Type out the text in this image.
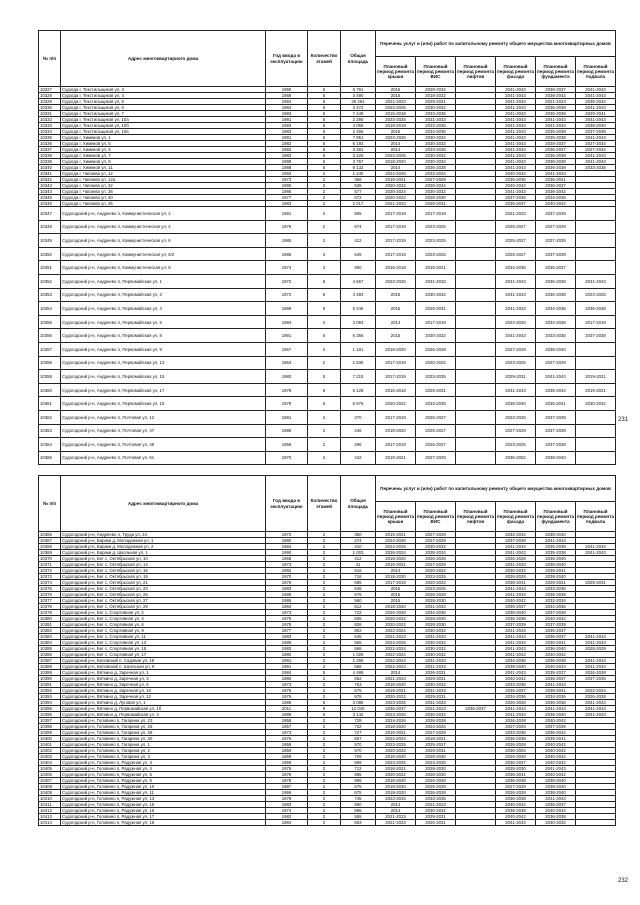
№ п/п	Адрес многоквартирного дома	Год ввода в эксплуатацию	Количество этажей	Общая площадь	Перечень услуг и (или) работ по капитальному ремонту общего имущества многоквартирных домов					
					Плановый период ремонта крыши	Плановый период ремонта ВИС	Плановый период ремонта лифтов	Плановый период ремонта фасада	Плановый период ремонта фундамента	Плановый период ремонта подвала
10327	Судогда г, Текстильщиков ул, 3	1990	5	5 791	2016	2028-2032		2041-2043	2038-2037	2041-2043
10328	Судогда г, Текстильщиков ул, 4	1988	5	3 490	2015	2018-2022		2041-2043	2038-2042	2041-2043
10329	Судогда г, Текстильщиков ул, 5	1984	5	26 261	2021-2023	2029-2031		2041-2043	2021-2023	2035-2042
10330	Судогда г, Текстильщиков ул, 6	1984	5	3 472	2023-2025	2030-2032		2041-2043	2036-2038	2041-2043
10331	Судогда г, Текстильщиков ул, 7	1983	5	7 449	2015-2018	2033-2035		2041-2043	2035-2038	2029-2041
10332	Судогда г, Текстильщиков ул, 10а	1991	5	2 290	2023-2025	2031-2033		2041-2043	2041-2043	2041-2043
10333	Судогда г, Текстильщиков ул, 10б	1993	5	4 055	2018-2019	2033-2035		2041-2043	2041-2043	2038-2040
10334	Судогда г, Текстильщиков ул, 10в	1983	5	2 456	2015	2034-2036		2041-2043	2035-2038	2037-2039
10335	Судогда г, Химиков ул, 1	1981	5	7 851	2023-2025	2030-2032		2041-2043	2035-2038	2041-2043
10336	Судогда г, Химиков ул, 5	1982	5	6 192	2014	2030-2032		2041-2043	2028-2037	2027-2034
10337	Судогда г, Химиков ул, 6	1983	5	3 381	2014	2033-2035		2041-2043	2036-2037	2027-2034
10338	Судогда г, Химиков ул, 7	1983	5	3 126	2023-2025	2030-2032		2041-2043	2036-2038	2041-2043
10339	Судогда г, Химиков ул, 9	1988	5	3 767	2018-2020	2030-2032		2041-2043	2038-2038	2041-2043
10340	Судогда г, Химиков ул, 11	1988	5	6 132	2014	2026-2028		2041-2043	2036-2038	2033-2035
10341	Судогда г, Чапаева ул, 12	1992	2	1 240	2024-2026	2032-2034		2040-2042	2041-2043	
10342	Судогда г, Чапаева ул, 12а	1973	2	366	2019-2021	2027-2029		2035-2036	2036-2041	
10343	Судогда г, Чапаева ул, 32	1980	2	635	2020-2022	2028-2034		2040-2042	2036-2037	
10344	Судогда г, Чапаева ул, 36	1986	2	577	2020-2024	2030-2032		2041-2043	2036-2042	
10345	Судогда г, Чапаева ул, 40	1977	2	672	2020-2022	2028-2030		2037-2036	2034-2036	
10346	Судогда г, Чапаева ул, 45	1983	2	2 017	2021-2023	2029-2031		2035-2037	2040-2042	
10347	Судогодский р-н, Андреево п, Коммунистическая ул, 2	1981	2	505	2017-2019	2017-2019		2021-2023	2037-2039	
10348	Судогодский р-н, Андреево п, Коммунистическая ул, 4	1976	2	674	2017-2019	2023-2025		2025-2027	2027-2029	
10349	Судогодский р-н, Андреево п, Коммунистическая ул, 6	1985	2	412	2017-2019	2023-2025		2025-2027	2037-2039	
10350	Судогодский р-н, Андреево п, Коммунистическая ул, 6/2	1985	3	649	2017-2019	2023-2025		2025-2027	2037-2039	
10351	Судогодский р-н, Андреево п, Коммунистическая ул, 8	1974	3	900	2016-2018	2019-2021		2034-2036	2035-2037	
10352	Судогодский р-н, Андреево п, Первомайская ул, 1	1972	5	4 667	2023-2025	2031-2033		2041-2043	2036-2038	2041-2043
10353	Судогодский р-н, Андреево п, Первомайская ул, 3	1972	5	4 484	2015	2030-2032		2041-2043	2036-2038	2023-2025
10354	Судогодский р-н, Андреево п, Первомайская ул, 4	1989	5	6 246	2015	2029-2031		2041-2043	2034-2036	2036-2038
10355	Судогодский р-н, Андреево п, Первомайская ул, 5	1984	4	3 093	2014	2017-2019		2024-2026	2034-2036	2017-2019
10356	Судогодский р-н, Андреево п, Первомайская ул, 8	1991	5	6 356	2015	2030-2032		2041-2043	2033-2035	2037-2039
10357	Судогодский р-н, Андреево п, Первомайская ул, 9	1967	2	1 181	2018-2020	2026-2028		2027-2029	2038-2040	
10358	Судогодский р-н, Андреево п, Первомайская ул, 13	1963	2	1 536	2017-2019	2020-2022		2023-2025	2027-2029	
10359	Судогодский р-н, Андреево п, Первомайская ул, 15	1980	5	7 215	2017-2019	2033-2035		2029-2031	2041-2043	2019-2021
10360	Судогодский р-н, Андреево п, Первомайская ул, 17	1978	5	6 128	2016-2018	2029-2031		2041-2043	2035-2034	2019-2021
10361	Судогодский р-н, Андреево п, Первомайская ул, 19	1978	5	6 976	2020-2022	2033-2035		2038-2040	2035-2041	2030-2032
10362	Судогодский р-н, Андреево п, Почтовая ул, 12	1981	2	270	2017-2019	2025-2027		2023-2025	2037-2039	
10363	Судогодский р-н, Андреево п, Почтовая ул, 47	1988	2	446	2018-2020	2025-2027		2027-2029	2037-2039	
10364	Судогодский р-н, Андреево п, Почтовая ул, 49	1966	2	296	2017-2019	2025-2027		2023-2025	2037-2039	
10365	Судогодский р-н, Андреево п, Почтовая ул, 51	1970	2	442	2019-2021	2027-2029		2036-2002	2038-2040	
231
№ п/п	Адрес многоквартирного дома	Год ввода в эксплуатацию	Количество этажей	Общая площадь	Перечень услуг и (или) работ по капитальному ремонту общего имущества многоквартирных домов					
					Плановый период ремонта крыши	Плановый период ремонта ВИС	Плановый период ремонта лифтов	Плановый период ремонта фасада	Плановый период ремонта фундамента	Плановый период ремонта подвала
10366	Судогодский р-н, Андреево п, Труда ул, 24	1972	2	350	2019-2021	2027-2029		2032-2034	2038-2040	
10367	Судогодский р-н, Бараки д, Молодежная ул, 1	1980	2	274	2024-2026	2027-2029		2037-2039	2041-2043	
10368	Судогодский р-н, Бараки д, Молодежная ул, 2	1984	2	410	2024-2026	2030-2032		2041-2043	2036-2038	2041-2043
10369	Судогодский р-н, Бараки д, Школьная ул, 1	1990	2	1 003	2026-2024	2028-2034		2041-2043	2035-2038	2041-2043
10370	Судогодский р-н, Бег с, Октябрьская ул, 10	1968	2	412	2018-2020	2026-2028		2026-2028	2035-2040	
10371	Судогодский р-н, Бег с, Октябрьская ул, 14	1973	2	41	2019-2021	2027-2029		2031-2033	2038-2040	
10372	Судогодский р-н, Бег с, Октябрьская ул, 16	1992	2	616	2014	2020-2022		2030-2032	2039-2041	
10373	Судогодский р-н, Бег с, Октябрьская ул, 19	1970	2	716	2018-2020	2023-2025		2026-2028	2038-2040	
10374	Судогодский р-н, Бег с, Октябрьская ул, 21	1979	2	685	2017-2019	2020-2022		2038-2041	2029-2031	2029-2031
10375	Судогодский р-н, Бег с, Октябрьская ул, 23	1983	2	546	2015	2023-2025		2041-2043	2033-2035	
10376	Судогодский р-н, Бег с, Октябрьская ул, 25	1988	2	576	2015	2026-2028		2041-2043	2036-2038	
10377	Судогодский р-н, Бег с, Октябрьская ул, 27	1986	2	560	2015	2028-2030		2040-2042	2032-2034	
10378	Судогодский р-н, Бег с, Октябрьская ул, 29	1984	2	612	2018-2020	2031-2033		2035-2037	2034-2036	
10379	Судогодский р-н, Бег с, Спортивная ул, 2	1973	2	722	2026-2028	2034-2036		2038-2040	2037-2039	
10380	Судогодский р-н, Бег с, Спортивная ул, 4	1975	2	836	2020-2022	2028-2030		2036-2038	2040-2042	
10381	Судогодский р-н, Бег с, Спортивная ул, 6	1978	2	826	2020-2022	2028-2030		2037-2039	2037-2039	
10382	Судогодский р-н, Бег с, Спортивная ул, 9	1977	2	802	2022-2024	2030-2032		2041-2043	2035-2037	
10383	Судогодский р-н, Бег с, Спортивная ул, 11	1983	2	545	2021-2023	2031-2033		2041-2043	2036-2037	2041-2043
10384	Судогодский р-н, Бег с, Спортивная ул, 13	1986	2	555	2024-2026	2030-2032		2041-2043	2030-2041	2041-2043
10385	Судогодский р-н, Бег с, Спортивная ул, 15	1983	2	566	2022-2024	2030-2032		2041-2043	2036-2040	2028-2029
10386	Судогодский р-н, Бег с, Спортивная ул, 17	1980	2	1 025	2022-2024	2030-2032		2041-2043	2040-2042	
10387	Судогодский р-н, Беловский п, Садовая ул, 18	1991	2	1 296	2022-2024	2031-2033		2034-2036	2036-2038	2041-2043
10388	Судогодский р-н, Беловский п, Школьная ул, 9	1991	2	568	2022-2024	2031-2033		2038-2040	2040-2043	2041-2043
10389	Судогодский р-н, Вяткино д, Заречная ул, 1	1984	5	4 488	2014	2026-2031		2041-2043	2035-2037	2026-2028
10390	Судогодский р-н, Вяткино д, Заречная ул, 3	1980	2	662	2021-2023	2029-2031		2040-2042	2035-2037	2037-2039
10391	Судогодский р-н, Вяткино д, Заречная ул, 6	1973	2	763	2018-2020	2030-2032		2033-2035	2041-2043	
10392	Судогодский р-н, Вяткино д, Заречная ул, 10	1976	2	675	2019-2021	2031-2033		2035-2037	2038-2041	2022-2024
10393	Судогодский р-н, Вяткино д, Заречная ул, 12	1976	2	679	2020-2022	2029-2031		2034-2036	2034-2036	2026-2028
10394	Судогодский р-н, Вяткино д, Луговая ул, 1	1989	5	3 085	2023-2025	2031-2033		2026-2028	2036-2038	2041-2043
10395	Судогодский р-н, Вяткино д, Первомайская ул, 1б	2011	9	12 040	2035-2037	2021-2023	2035-2037	2041-2043	2041-2043	2041-2043
10396	Судогодский р-н, Вяткино д, Первомайская ул, 3	1988	5	3 142	2023-2025	2030-2032		2041-2043	2036-2040	2041-2043
10397	Судогодский р-н, Головино п, Гагарина ул, 23	1958	2	729	2024-2026	2026-2028		2026-2028	2040-2042	
10398	Судогодский р-н, Головино п, Гагарина ул, 25	1957	2	732	2018-2020	2024-2026		2027-2029	2037-2039	
10399	Судогодский р-н, Головино п, Гагарина ул, 28	1973	2	727	2019-2021	2027-2029		2033-2035	2036-2042	
10400	Судогодский р-н, Головино п, Гагарина ул, 30	1976	2	657	2022-2024	2018-2021		2036-2038	2039-2041	
10401	Судогодский р-н, Головино п, Гагарина ул, 1	1959	2	570	2023-2025	2025-2027		2026-2028	2040-2042	
10402	Судогодский р-н, Головино п, Гагарина ул, 2	1959	2	670	2020-2022	2029-2031		2036-2004	2040-2042	
10403	Судогодский р-н, Головино п, Гагарина ул, 3	1969	2	709	2018-2020	2028-2030		2026-2028	2040-2042	
10404	Судогодский р-н, Головино п, Радужная ул, 3	1959	2	699	2023-2025	2023-2025		2036-2037	2040-2042	
10405	Судогодский р-н, Головино п, Радужная ул, 4	1975	2	712	2018-2021	2028-2030		2028-2030	2041-2043	
10406	Судогодский р-н, Головино п, Радужная ул, 5	1978	2	865	2020-2022	2028-2030		2036-2041	2040-2042	
10407	Судогодский р-н, Головино п, Радужная ул, 6	1978	2	896	2018-2020	2026-2028		2036-2038	2038-2040	
10408	Судогодский р-н, Головино п, Радужная ул, 10	1987	2	575	2018-2020	2026-2028		2027-2029	2038-2040	
10409	Судогодский р-н, Головино п, Радужная ул, 11	1969	2	675	2018-2020	2026-2028		2026-2028	2038-2040	
10410	Судогодский р-н, Головино п, Радужная ул, 13	1979	2	745	2023-2025	2033-2035		2036-2038	2041-2043	
10411	Судогодский р-н, Головино п, Радужная ул, 15	1983	2	590	2014	2021-2023		2040-2042	2035-2037	
10412	Судогодский р-н, Головино п, Радужная ул, 16	1974	2	596	2014	2030-2032		2036-2038	2040-2042	
10413	Судогодский р-н, Головино п, Радужная ул, 17	1982	2	555	2021-2023	2029-2031		2040-2042	2036-2038	
10414	Судогодский р-н, Головино п, Радужная ул, 18	1984	2	563	2021-2023	2026-2031		2041-2043	2030-2032	
232
